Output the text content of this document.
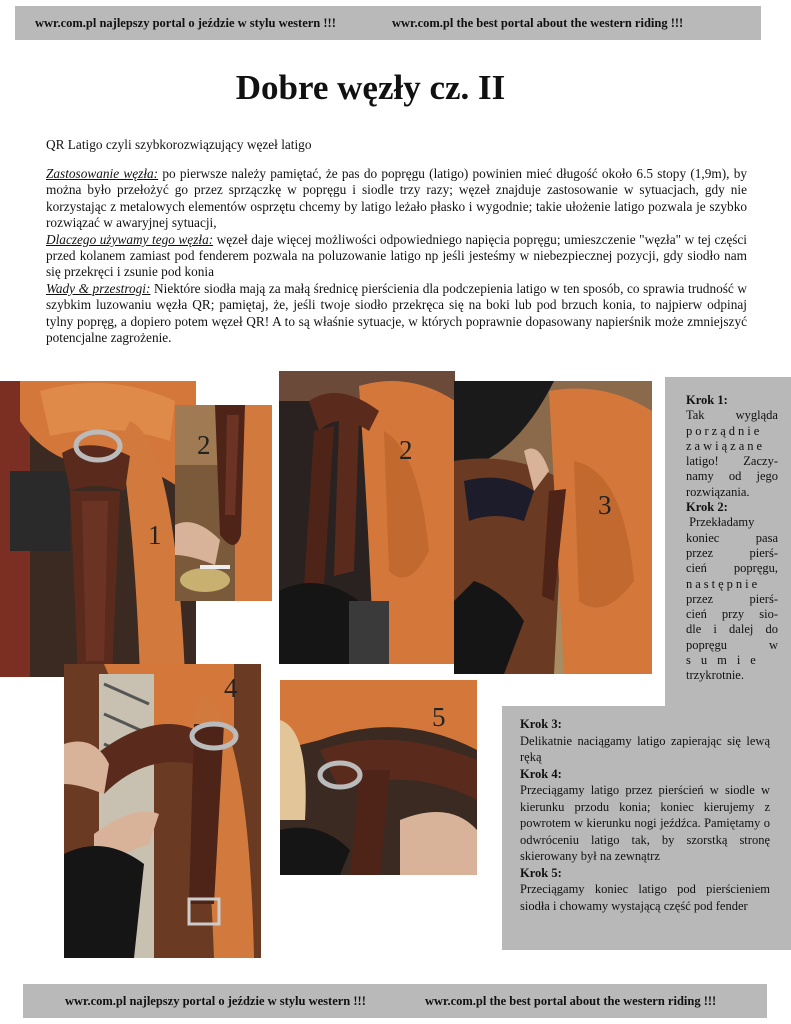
wwr.com.pl najlepszy portal o jeździe w stylu western !!!	wwr.com.pl the best portal about the western riding !!!
Dobre węzły cz. II
QR Latigo czyli szybkorozwiązujący węzeł latigo

Zastosowanie węzła: po pierwsze należy pamiętać, że pas do popręgu (latigo) powinien mieć długość około 6.5 stopy (1,9m), by można było przełożyć go przez sprzączkę w popręgu i siodle trzy razy; węzeł znajduje zastosowanie w sytuacjach, gdy nie korzystając z metalowych elementów osprzętu chcemy by latigo leżało płasko i wygodnie; takie ułożenie latigo pozwala je szybko rozwiązać w awaryjnej sytuacji,

Dlaczego używamy tego węzła: węzeł daje więcej możliwości odpowiedniego napięcia popręgu; umieszczenie "węzła" w tej części przed kolanem zamiast pod fenderem pozwala na poluzowanie latigo np jeśli jesteśmy w niebezpiecznej pozycji, gdy siodło nam się przekręci i zsunie pod konia

Wady & przestrogi: Niektóre siodła mają za małą średnicę pierścienia dla podczepienia latigo w ten sposób, co sprawia trudność w szybkim luzowaniu węzła QR; pamiętaj, że, jeśli twoje siodło przekręca się na boki lub pod brzuch konia, to najpierw odpinaj tylny popręg, a dopiero potem węzeł QR! A to są właśnie sytuacje, w których poprawnie dopasowany napierśnik może zmniejszyć potencjalne zagrożenie.

1
2	2
3
4
5
Krok 1:
Tak wygląda
porządnie
zawiązane
latigo! Zaczy-
namy od jego
rozwiązania.
Krok 2:
Przekładamy
koniec pasa
przez pierś-
cień popręgu,
następnie
przez pierś-
cień przy sio-
dle i dalej do
popręgu w
sumie
trzykrotnie.
Krok 3:
Delikatnie naciągamy latigo zapierając się lewą ręką
Krok 4:
Przeciągamy latigo przez pierścień w siodle w kierunku przodu konia; koniec kierujemy z powrotem w kierunku nogi jeźdźca. Pamiętamy o odwróceniu latigo tak, by szorstką stronę skierowany był na zewnątrz
Krok 5:
Przeciągamy koniec latigo pod pierścieniem siodła i chowamy wystającą część pod fender
wwr.com.pl najlepszy portal o jeździe w stylu western !!!	wwr.com.pl the best portal about the western riding !!!
